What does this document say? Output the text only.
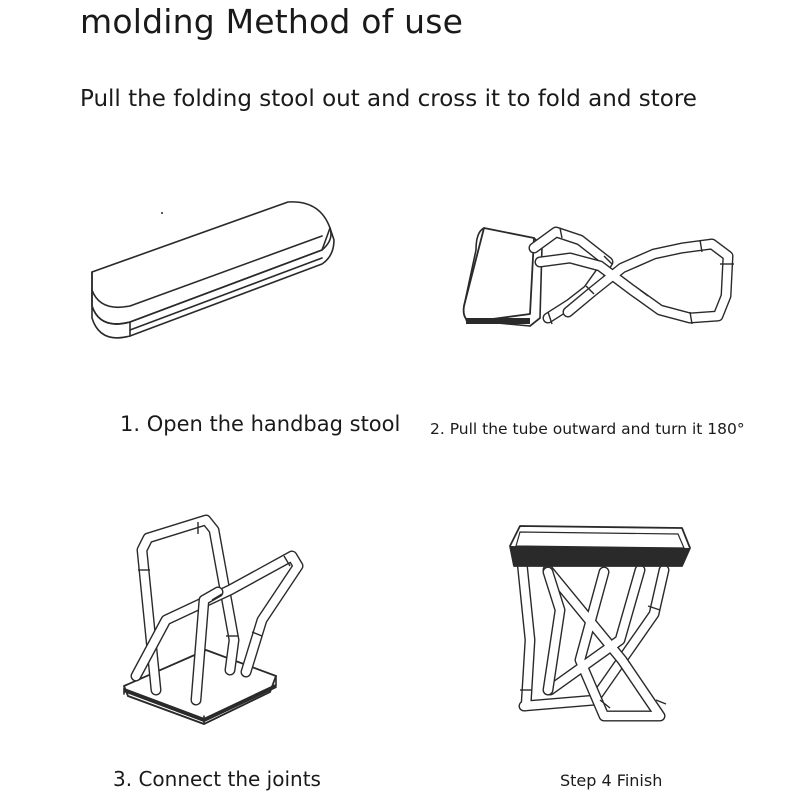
molding Method of use
Pull the folding stool out and cross it to fold and store
1. Open the handbag stool 2. Pull the tube outward and turn it 180°
3. Connect the joints	Step 4 Finish
